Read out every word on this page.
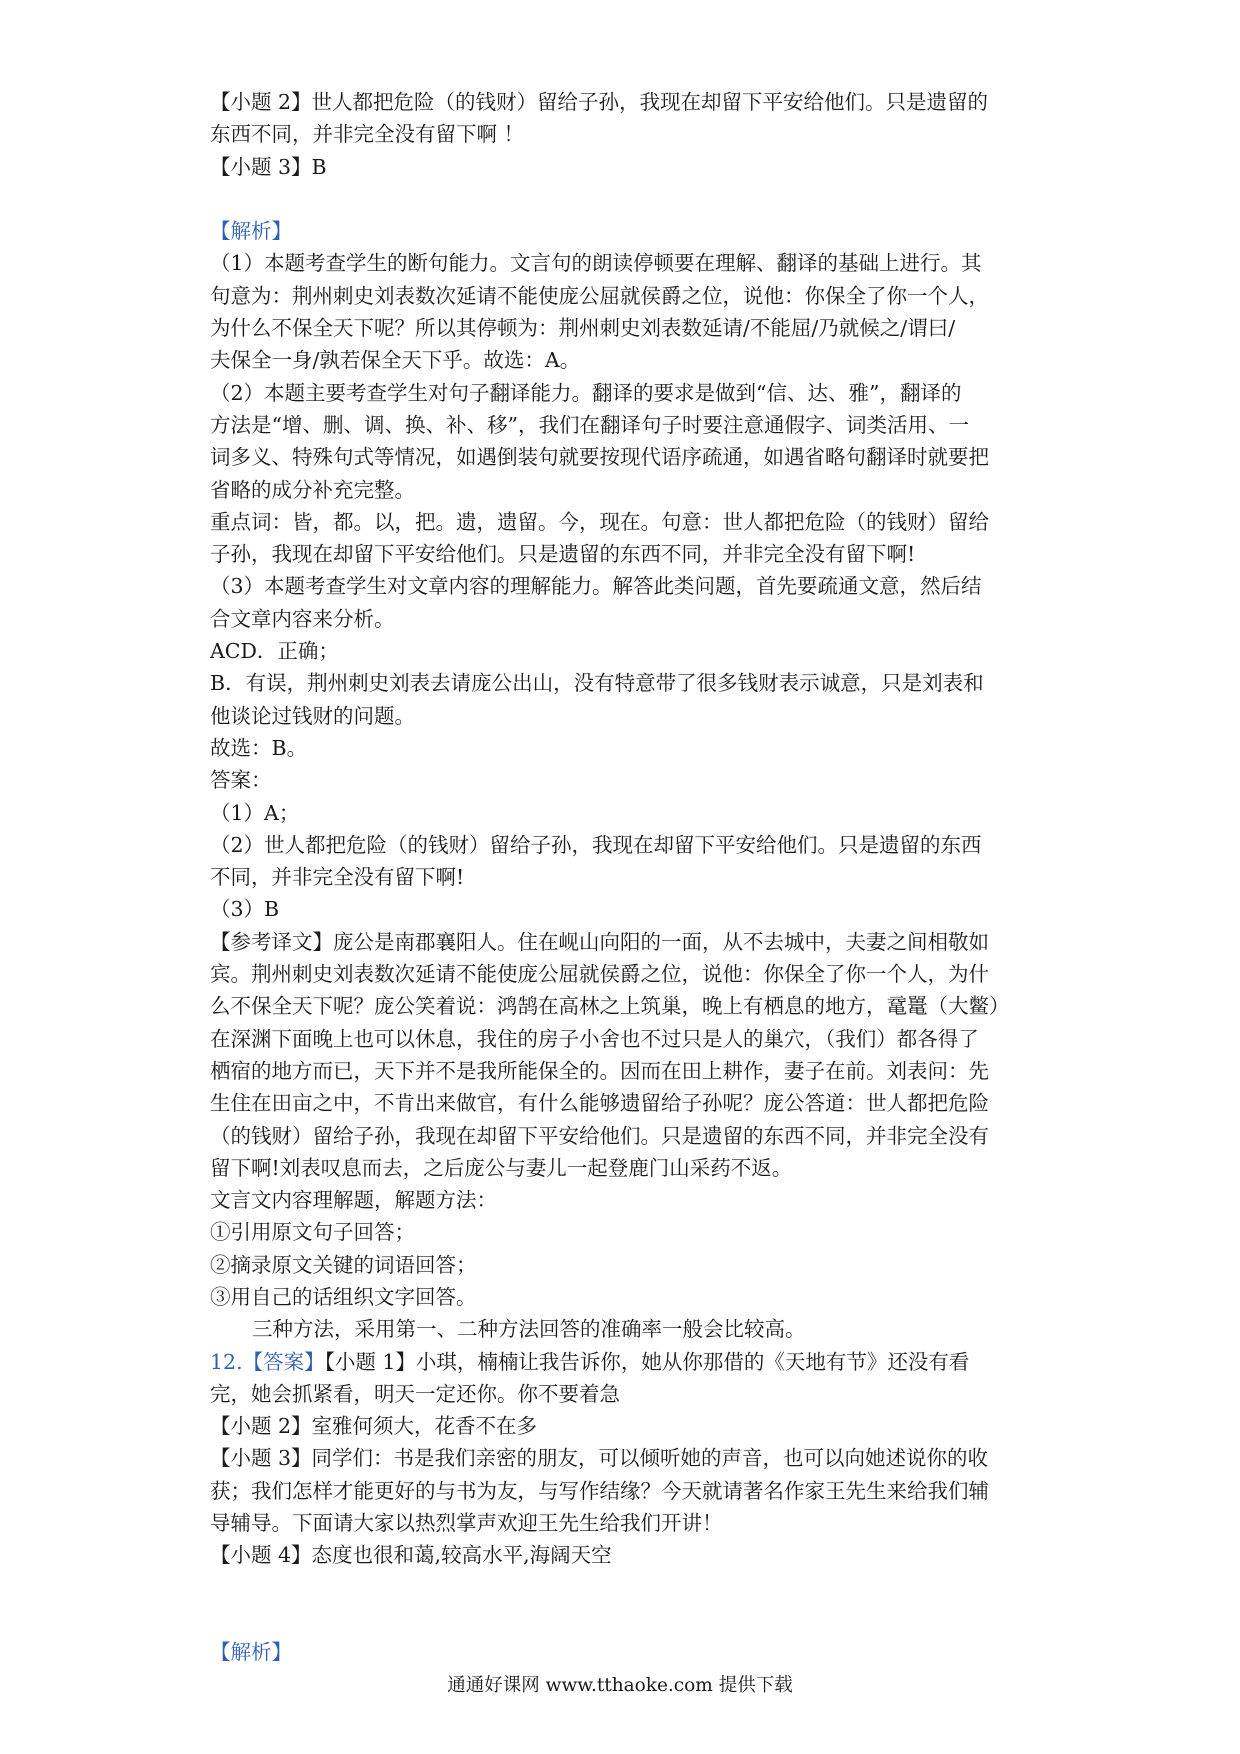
【小题 2】世人都把危险（的钱财）留给子孙，我现在却留下平安给他们。只是遗留的

东西不同，并非完全没有留下啊 ！

【小题 3】B

【解析】

（1）本题考查学生的断句能力。文言句的朗读停顿要在理解、翻译的基础上进行。其

句意为：荆州刺史刘表数次延请不能使庞公屈就侯爵之位，说他：你保全了你一个人，

为什么不保全天下呢？所以其停顿为：荆州刺史刘表数延请/不能屈/乃就候之/谓曰/

夫保全一身/孰若保全天下乎。故选：A。

（2）本题主要考查学生对句子翻译能力。翻译的要求是做到“信、达、雅”，翻译的

方法是“增、删、调、换、补、移”，我们在翻译句子时要注意通假字、词类活用、一

词多义、特殊句式等情况，如遇倒装句就要按现代语序疏通，如遇省略句翻译时就要把

省略的成分补充完整。

重点词：皆，都。以，把。遗，遗留。今，现在。句意：世人都把危险（的钱财）留给

子孙，我现在却留下平安给他们。只是遗留的东西不同，并非完全没有留下啊!

（3）本题考查学生对文章内容的理解能力。解答此类问题，首先要疏通文意，然后结

合文章内容来分析。

ACD．正确；

B．有误，荆州刺史刘表去请庞公出山，没有特意带了很多钱财表示诚意，只是刘表和

他谈论过钱财的问题。

故选：B。

答案：

（1）A；

（2）世人都把危险（的钱财）留给子孙，我现在却留下平安给他们。只是遗留的东西

不同，并非完全没有留下啊!

（3）B

【参考译文】庞公是南郡襄阳人。住在岘山向阳的一面，从不去城中，夫妻之间相敬如

宾。荆州刺史刘表数次延请不能使庞公屈就侯爵之位，说他：你保全了你一个人，为什

么不保全天下呢？庞公笑着说：鸿鹄在高林之上筑巢，晚上有栖息的地方，鼋鼍（大鳖）

在深渊下面晚上也可以休息，我住的房子小舍也不过只是人的巢穴，（我们）都各得了

栖宿的地方而已，天下并不是我所能保全的。因而在田上耕作，妻子在前。刘表问：先

生住在田亩之中，不肯出来做官，有什么能够遗留给子孙呢？庞公答道：世人都把危险

（的钱财）留给子孙，我现在却留下平安给他们。只是遗留的东西不同，并非完全没有

留下啊!刘表叹息而去，之后庞公与妻儿一起登鹿门山采药不返。

文言文内容理解题，解题方法：

①引用原文句子回答；

②摘录原文关键的词语回答；

③用自己的话组织文字回答。

三种方法，采用第一、二种方法回答的准确率一般会比较高。

12.【答案】【小题 1】小琪，楠楠让我告诉你，她从你那借的《天地有节》还没有看

完，她会抓紧看，明天一定还你。你不要着急

【小题 2】室雅何须大，花香不在多

【小题 3】同学们：书是我们亲密的朋友，可以倾听她的声音，也可以向她述说你的收

获；我们怎样才能更好的与书为友，与写作结缘？今天就请著名作家王先生来给我们辅

导辅导。下面请大家以热烈掌声欢迎王先生给我们开讲！

【小题 4】态度也很和蔼,较高水平,海阔天空

【解析】

通通好课网 www.tthaoke.com 提供下载
